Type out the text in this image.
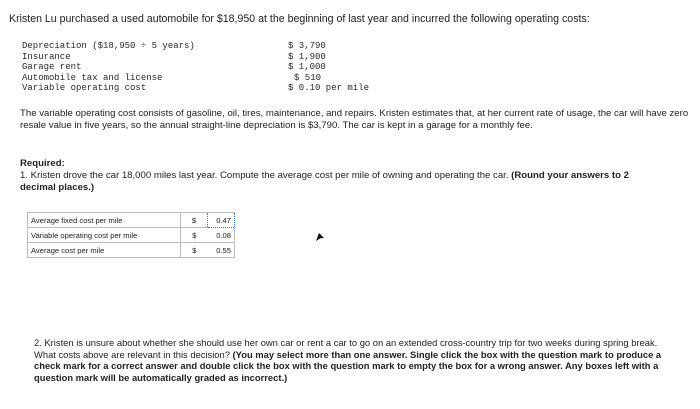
Kristen Lu purchased a used automobile for $18,950 at the beginning of last year and incurred the following operating costs:
Depreciation ($18,950 ÷ 5 years)	$ 3,790
Insurance	$ 1,900
Garage rent	$ 1,000
Automobile tax and license	$ 510
Variable operating cost	$ 0.10 per mile
The variable operating cost consists of gasoline, oil, tires, maintenance, and repairs. Kristen estimates that, at her current rate of usage, the car will have zero resale value in five years, so the annual straight-line depreciation is $3,790. The car is kept in a garage for a monthly fee.
Required:
1. Kristen drove the car 18,000 miles last year. Compute the average cost per mile of owning and operating the car. (Round your answers to 2 decimal places.)
Average fixed cost per mile	$	0.47
Variable operating cost per mile	$	0.08
Average cost per mile	$	0.55
2. Kristen is unsure about whether she should use her own car or rent a car to go on an extended cross-country trip for two weeks during spring break. What costs above are relevant in this decision? (You may select more than one answer. Single click the box with the question mark to produce a check mark for a correct answer and double click the box with the question mark to empty the box for a wrong answer. Any boxes left with a question mark will be automatically graded as incorrect.)
